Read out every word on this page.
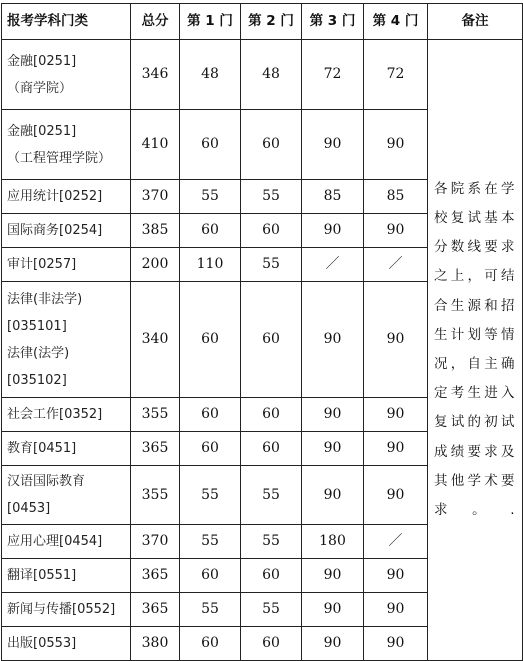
报考学科门类	总分	第 1 门	第 2 门	第 3 门	第 4 门	备注

金融[0251]
（商学院）	346	48	48	72	72	各院系在学校复试基本分数线要求之上，可结合生源和招生计划等情况，自主确定考生进入复试的初试成绩要求及其他学术要求。.

金融[0251]
（工程管理学院）	410	60	60	90	90	

应用统计[0252]	370	55	55	85	85	

国际商务[0254]	385	60	60	90	90	

审计[0257]	200	110	55	／	／	

法律(非法学)
[035101]
法律(法学)
[035102]	340	60	60	90	90	

社会工作[0352]	355	60	60	90	90	

教育[0451]	365	60	60	90	90	

汉语国际教育
[0453]	355	55	55	90	90	

应用心理[0454]	370	55	55	180	／	

翻译[0551]	365	60	60	90	90	

新闻与传播[0552]	365	55	55	90	90	

出版[0553]	380	60	60	90	90	
